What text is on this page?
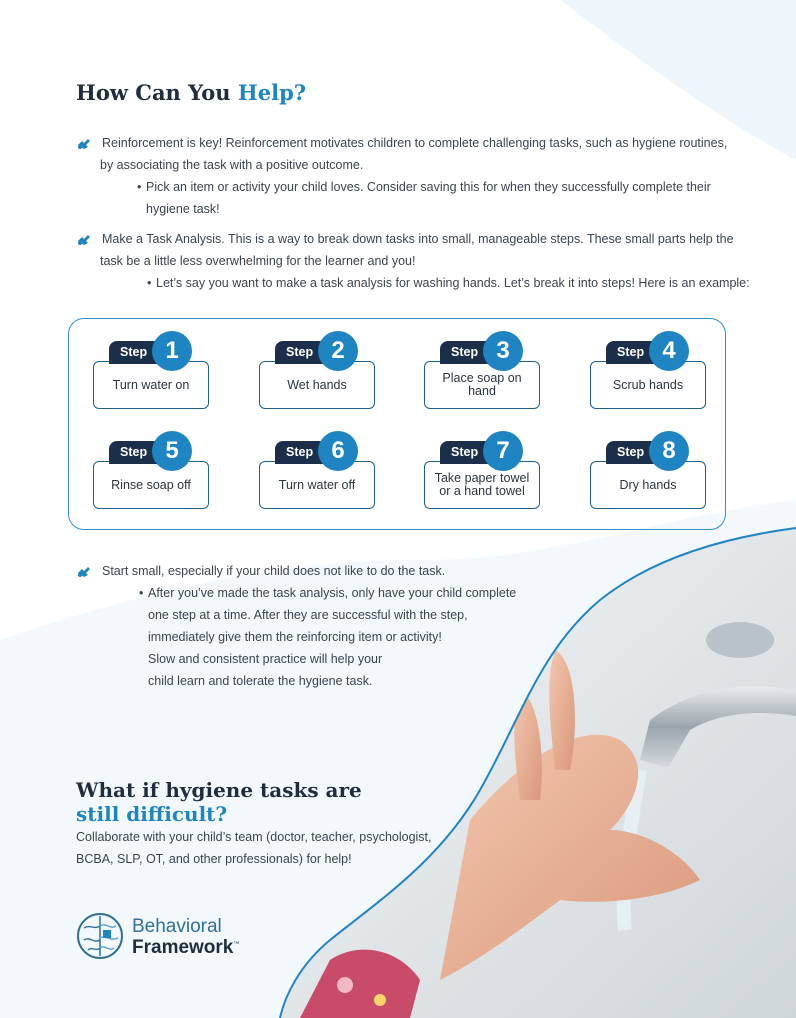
How Can You Help?
Reinforcement is key! Reinforcement motivates children to complete challenging tasks, such as hygiene routines,
by associating the task with a positive outcome.
• Pick an item or activity your child loves. Consider saving this for when they successfully complete their
hygiene task!
Make a Task Analysis. This is a way to break down tasks into small, manageable steps. These small parts help the
task be a little less overwhelming for the learner and you!
• Let’s say you want to make a task analysis for washing hands. Let’s break it into steps! Here is an example:
Turn water on
Step 1
Wet hands
Step 2
Place soap on hand
Step 3
Scrub hands
Step 4
Rinse soap off
Step 5
Turn water off
Step 6
Take paper towel or a hand towel
Step 7
Dry hands
Step 8
Start small, especially if your child does not like to do the task.
• After you’ve made the task analysis, only have your child complete
one step at a time. After they are successful with the step,
immediately give them the reinforcing item or activity!
Slow and consistent practice will help your
child learn and tolerate the hygiene task.
What if hygiene tasks are
still difficult?
Collaborate with your child’s team (doctor, teacher, psychologist,
BCBA, SLP, OT, and other professionals) for help!
Behavioral
Framework™
